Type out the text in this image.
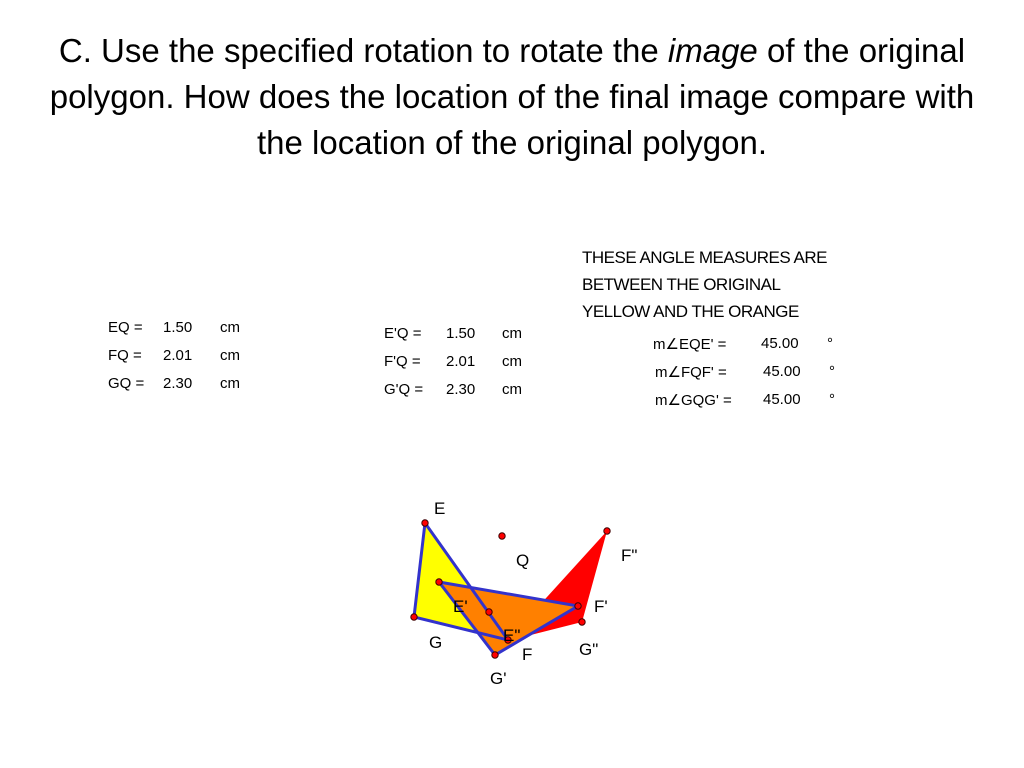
C. Use the specified rotation to rotate the image of the original polygon. How does the location of the final image compare with the location of the original polygon.
EQ = 1.50 cm
FQ = 2.01 cm
GQ = 2.30 cm
E'Q = 1.50 cm
F'Q = 2.01 cm
G'Q = 2.30 cm
THESE ANGLE MEASURES ARE
BETWEEN THE ORIGINAL
YELLOW AND THE ORANGE
m∠EQE' = 45.00 °
m∠FQF' = 45.00 °
m∠GQG' = 45.00 °
E
Q	F"
E'	F'
E"
G	G"
F
G'
